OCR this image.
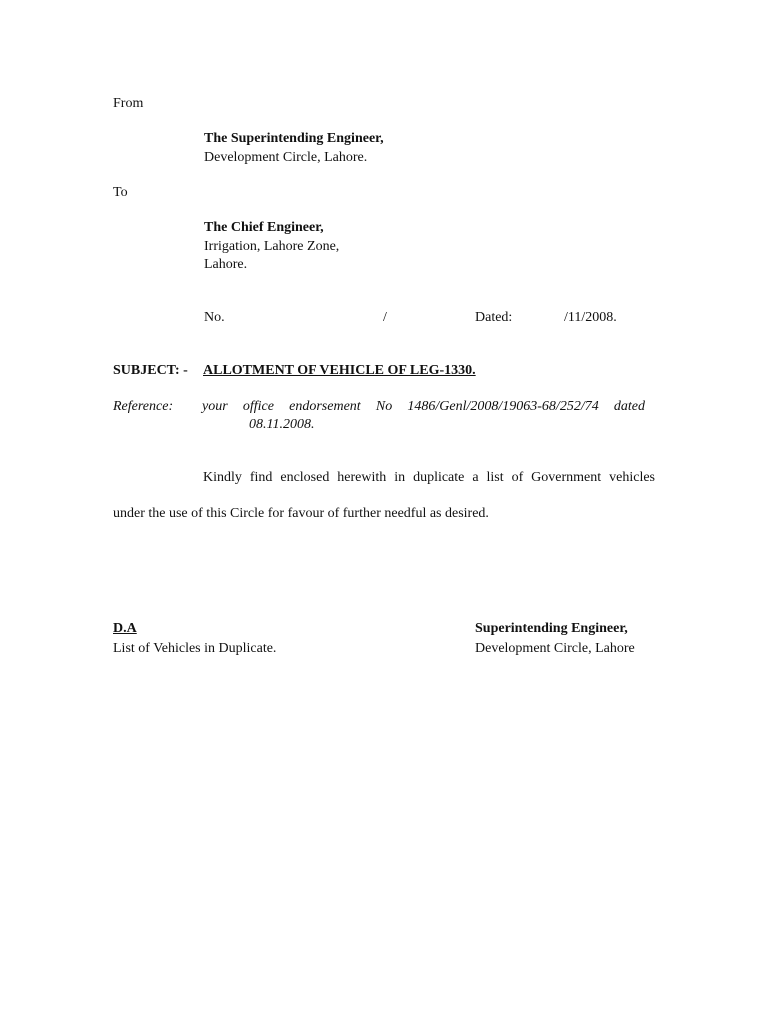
From
The Superintending Engineer,
Development Circle, Lahore.
To
The Chief Engineer,
Irrigation, Lahore Zone,
Lahore.
No.	/	Dated:	/11/2008.
SUBJECT: - ALLOTMENT OF VEHICLE OF LEG-1330.
Reference: your office endorsement No 1486/Genl/2008/19063-68/252/74 dated
08.11.2008.
Kindly find enclosed herewith in duplicate a list of Government vehicles
under the use of this Circle for favour of further needful as desired.
D.A
List of Vehicles in Duplicate.
Superintending Engineer,
Development Circle, Lahore
